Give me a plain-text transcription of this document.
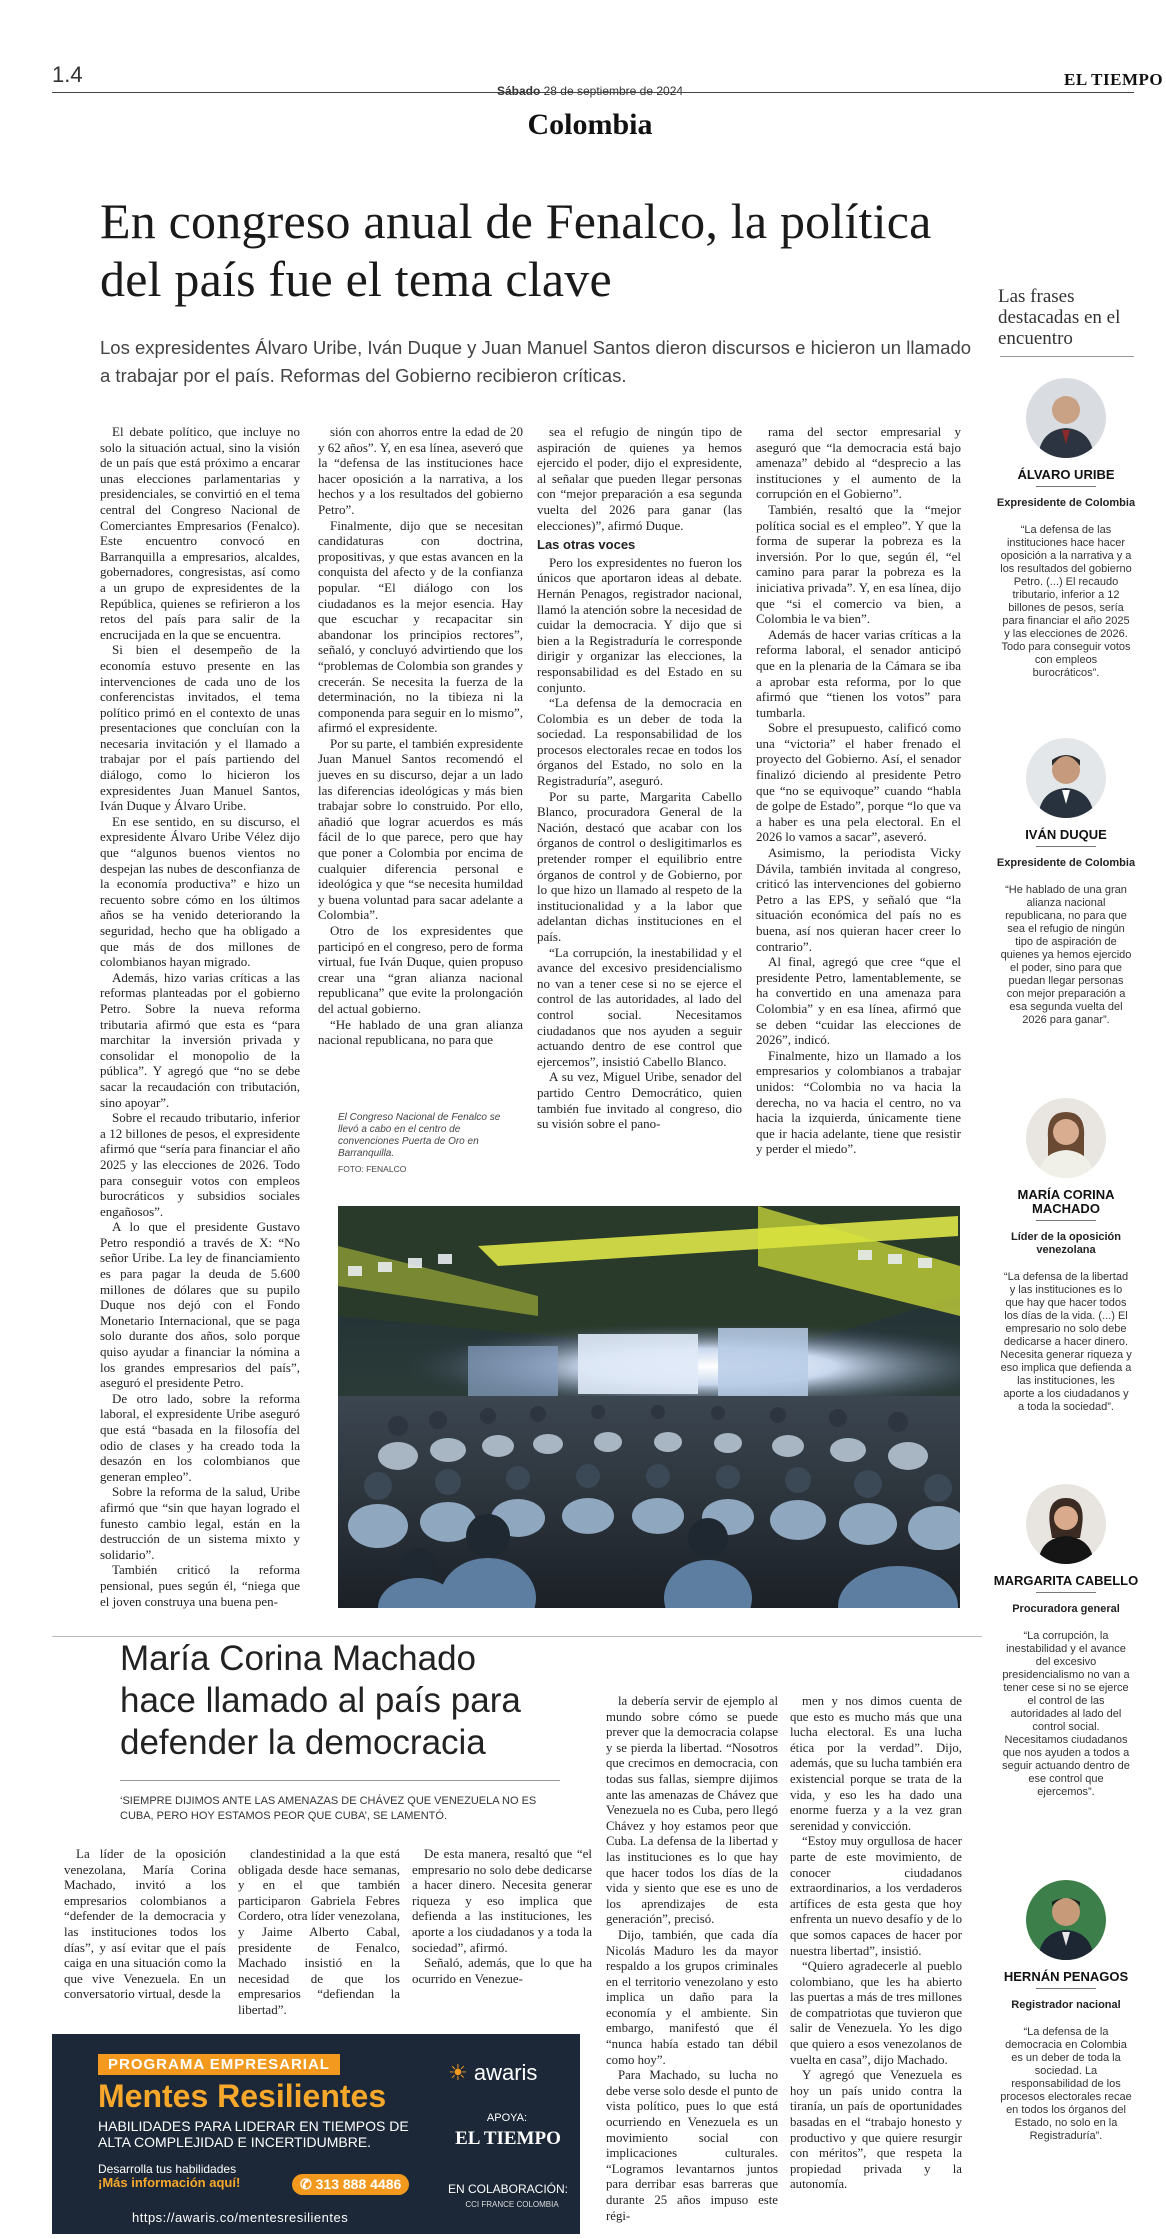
1.4
Sábado 28 de septiembre de 2024
EL TIEMPO
Colombia
En congreso anual de Fenalco, la política del país fue el tema clave
Los expresidentes Álvaro Uribe, Iván Duque y Juan Manuel Santos dieron discursos e hicieron un llamado a trabajar por el país. Reformas del Gobierno recibieron críticas.

El debate político, que incluye no solo la situación actual, sino la visión de un país que está próximo a encarar unas elecciones parlamentarias y presidenciales, se convirtió en el tema central del Congreso Nacional de Comerciantes Empresarios (Fenalco). Este encuentro convocó en Barranquilla a empresarios, alcaldes, gobernadores, congresistas, así como a un grupo de expresidentes de la República, quienes se refirieron a los retos del país para salir de la encrucijada en la que se encuentra.

Si bien el desempeño de la economía estuvo presente en las intervenciones de cada uno de los conferencistas invitados, el tema político primó en el contexto de unas presentaciones que concluían con la necesaria invitación y el llamado a trabajar por el país partiendo del diálogo, como lo hicieron los expresidentes Juan Manuel Santos, Iván Duque y Álvaro Uribe.

En ese sentido, en su discurso, el expresidente Álvaro Uribe Vélez dijo que “algunos buenos vientos no despejan las nubes de desconfianza de la economía productiva” e hizo un recuento sobre cómo en los últimos años se ha venido deteriorando la seguridad, hecho que ha obligado a que más de dos millones de colombianos hayan migrado.

Además, hizo varias críticas a las reformas planteadas por el gobierno Petro. Sobre la nueva reforma tributaria afirmó que esta es “para marchitar la inversión privada y consolidar el monopolio de la pública”. Y agregó que “no se debe sacar la recaudación con tributación, sino apoyar”.

Sobre el recaudo tributario, inferior a 12 billones de pesos, el expresidente afirmó que “sería para financiar el año 2025 y las elecciones de 2026. Todo para conseguir votos con empleos burocráticos y subsidios sociales engañosos”.

A lo que el presidente Gustavo Petro respondió a través de X: “No señor Uribe. La ley de financiamiento es para pagar la deuda de 5.600 millones de dólares que su pupilo Duque nos dejó con el Fondo Monetario Internacional, que se paga solo durante dos años, solo porque quiso ayudar a financiar la nómina a los grandes empresarios del país”, aseguró el presidente Petro.

De otro lado, sobre la reforma laboral, el expresidente Uribe aseguró que está “basada en la filosofía del odio de clases y ha creado toda la desazón en los colombianos que generan empleo”.

Sobre la reforma de la salud, Uribe afirmó que “sin que hayan logrado el funesto cambio legal, están en la destrucción de un sistema mixto y solidario”.

También criticó la reforma pensional, pues según él, “niega que el joven construya una buena pen-

sión con ahorros entre la edad de 20 y 62 años”. Y, en esa línea, aseveró que la “defensa de las instituciones hace hacer oposición a la narrativa, a los hechos y a los resultados del gobierno Petro”.

Finalmente, dijo que se necesitan candidaturas con doctrina, propositivas, y que estas avancen en la conquista del afecto y de la confianza popular. “El diálogo con los ciudadanos es la mejor esencia. Hay que escuchar y recapacitar sin abandonar los principios rectores”, señaló, y concluyó advirtiendo que los “problemas de Colombia son grandes y crecerán. Se necesita la fuerza de la determinación, no la tibieza ni la componenda para seguir en lo mismo”, afirmó el expresidente.

Por su parte, el también expresidente Juan Manuel Santos recomendó el jueves en su discurso, dejar a un lado las diferencias ideológicas y más bien trabajar sobre lo construido. Por ello, añadió que lograr acuerdos es más fácil de lo que parece, pero que hay que poner a Colombia por encima de cualquier diferencia personal e ideológica y que “se necesita humildad y buena voluntad para sacar adelante a Colombia”.

Otro de los expresidentes que participó en el congreso, pero de forma virtual, fue Iván Duque, quien propuso crear una “gran alianza nacional republicana” que evite la prolongación del actual gobierno.

“He hablado de una gran alianza nacional republicana, no para que

sea el refugio de ningún tipo de aspiración de quienes ya hemos ejercido el poder, dijo el expresidente, al señalar que pueden llegar personas con “mejor preparación a esa segunda vuelta del 2026 para ganar (las elecciones)”, afirmó Duque.

Las otras voces

Pero los expresidentes no fueron los únicos que aportaron ideas al debate. Hernán Penagos, registrador nacional, llamó la atención sobre la necesidad de cuidar la democracia. Y dijo que si bien a la Registraduría le corresponde dirigir y organizar las elecciones, la responsabilidad es del Estado en su conjunto.

“La defensa de la democracia en Colombia es un deber de toda la sociedad. La responsabilidad de los procesos electorales recae en todos los órganos del Estado, no solo en la Registraduría”, aseguró.

Por su parte, Margarita Cabello Blanco, procuradora General de la Nación, destacó que acabar con los órganos de control o desligitimarlos es pretender romper el equilibrio entre órganos de control y de Gobierno, por lo que hizo un llamado al respeto de la institucionalidad y a la labor que adelantan dichas instituciones en el país.

“La corrupción, la inestabilidad y el avance del excesivo presidencialismo no van a tener cese si no se ejerce el control de las autoridades, al lado del control social. Necesitamos ciudadanos que nos ayuden a seguir actuando dentro de ese control que ejercemos”, insistió Cabello Blanco.

A su vez, Miguel Uribe, senador del partido Centro Democrático, quien también fue invitado al congreso, dio su visión sobre el pano-

rama del sector empresarial y aseguró que “la democracia está bajo amenaza” debido al “desprecio a las instituciones y el aumento de la corrupción en el Gobierno”.

También, resaltó que la “mejor política social es el empleo”. Y que la forma de superar la pobreza es la inversión. Por lo que, según él, “el camino para parar la pobreza es la iniciativa privada”. Y, en esa línea, dijo que “si el comercio va bien, a Colombia le va bien”.

Además de hacer varias críticas a la reforma laboral, el senador anticipó que en la plenaria de la Cámara se iba a aprobar esta reforma, por lo que afirmó que “tienen los votos” para tumbarla.

Sobre el presupuesto, calificó como una “victoria” el haber frenado el proyecto del Gobierno. Así, el senador finalizó diciendo al presidente Petro que “no se equivoque” cuando “habla de golpe de Estado”, porque “lo que va a haber es una pela electoral. En el 2026 lo vamos a sacar”, aseveró.

Asimismo, la periodista Vicky Dávila, también invitada al congreso, criticó las intervenciones del gobierno Petro a las EPS, y señaló que “la situación económica del país no es buena, así nos quieran hacer creer lo contrario”.

Al final, agregó que cree “que el presidente Petro, lamentablemente, se ha convertido en una amenaza para Colombia” y en esa línea, afirmó que se deben “cuidar las elecciones de 2026”, indicó.

Finalmente, hizo un llamado a los empresarios y colombianos a trabajar unidos: “Colombia no va hacia la derecha, no va hacia el centro, no va hacia la izquierda, únicamente tiene que ir hacia adelante, tiene que resistir y perder el miedo”.

El Congreso Nacional de Fenalco se llevó a cabo en el centro de convenciones Puerta de Oro en Barranquilla.
FOTO: FENALCO
Las frases destacadas en el encuentro
ÁLVARO URIBE
Expresidente de Colombia
“La defensa de las instituciones hace hacer oposición a la narrativa y a los resultados del gobierno Petro. (...) El recaudo tributario, inferior a 12 billones de pesos, sería para financiar el año 2025 y las elecciones de 2026. Todo para conseguir votos con empleos burocráticos”.
IVÁN DUQUE
Expresidente de Colombia
“He hablado de una gran alianza nacional republicana, no para que sea el refugio de ningún tipo de aspiración de quienes ya hemos ejercido el poder, sino para que puedan llegar personas con mejor preparación a esa segunda vuelta del 2026 para ganar”.
MARÍA CORINA MACHADO
Líder de la oposición venezolana
“La defensa de la libertad y las instituciones es lo que hay que hacer todos los días de la vida. (...) El empresario no solo debe dedicarse a hacer dinero. Necesita generar riqueza y eso implica que defienda a las instituciones, les aporte a los ciudadanos y a toda la sociedad”.
MARGARITA CABELLO
Procuradora general
“La corrupción, la inestabilidad y el avance del excesivo presidencialismo no van a tener cese si no se ejerce el control de las autoridades al lado del control social. Necesitamos ciudadanos que nos ayuden a todos a seguir actuando dentro de ese control que ejercemos”.
HERNÁN PENAGOS
Registrador nacional
“La defensa de la democracia en Colombia es un deber de toda la sociedad. La responsabilidad de los procesos electorales recae en todos los órganos del Estado, no solo en la Registraduría”.
María Corina Machado hace llamado al país para defender la democracia
‘SIEMPRE DIJIMOS ANTE LAS AMENAZAS DE CHÁVEZ QUE VENEZUELA NO ES CUBA, PERO HOY ESTAMOS PEOR QUE CUBA’, SE LAMENTÓ.

La líder de la oposición venezolana, María Corina Machado, invitó a los empresarios colombianos a “defender de la democracia y las instituciones todos los días”, y así evitar que el país caiga en una situación como la que vive Venezuela. En un conversatorio virtual, desde la

clandestinidad a la que está obligada desde hace semanas, y en el que también participaron Gabriela Febres Cordero, otra líder venezolana, y Jaime Alberto Cabal, presidente de Fenalco, Machado insistió en la necesidad de que los empresarios “defiendan la libertad”.

De esta manera, resaltó que “el empresario no solo debe dedicarse a hacer dinero. Necesita generar riqueza y eso implica que defienda a las instituciones, les aporte a los ciudadanos y a toda la sociedad”, afirmó.

Señaló, además, que lo que ha ocurrido en Venezue-

la debería servir de ejemplo al mundo sobre cómo se puede prever que la democracia colapse y se pierda la libertad. “Nosotros que crecimos en democracia, con todas sus fallas, siempre dijimos ante las amenazas de Chávez que Venezuela no es Cuba, pero llegó Chávez y hoy estamos peor que Cuba. La defensa de la libertad y las instituciones es lo que hay que hacer todos los días de la vida y siento que ese es uno de los aprendizajes de esta generación”, precisó.

Dijo, también, que cada día Nicolás Maduro les da mayor respaldo a los grupos criminales en el territorio venezolano y esto implica un daño para la economía y el ambiente. Sin embargo, manifestó que él “nunca había estado tan débil como hoy”.

Para Machado, su lucha no debe verse solo desde el punto de vista político, pues lo que está ocurriendo en Venezuela es un movimiento social con implicaciones culturales. “Logramos levantarnos juntos para derribar esas barreras que durante 25 años impuso este régi-

men y nos dimos cuenta de que esto es mucho más que una lucha electoral. Es una lucha ética por la verdad”. Dijo, además, que su lucha también era existencial porque se trata de la vida, y eso les ha dado una enorme fuerza y a la vez gran serenidad y convicción.

“Estoy muy orgullosa de hacer parte de este movimiento, de conocer ciudadanos extraordinarios, a los verdaderos artífices de esta gesta que hoy enfrenta un nuevo desafío y de lo que somos capaces de hacer por nuestra libertad”, insistió.

“Quiero agradecerle al pueblo colombiano, que les ha abierto las puertas a más de tres millones de compatriotas que tuvieron que salir de Venezuela. Yo les digo que quiero a esos venezolanos de vuelta en casa”, dijo Machado.

Y agregó que Venezuela es hoy un país unido contra la tiranía, un país de oportunidades basadas en el “trabajo honesto y productivo y que quiere resurgir con méritos”, que respeta la propiedad privada y la autonomía.

PROGRAMA EMPRESARIAL
Mentes Resilientes
HABILIDADES PARA LIDERAR EN TIEMPOS DE ALTA COMPLEJIDAD E INCERTIDUMBRE.
Desarrolla tus habilidades
¡Más información aquí!	✆ 313 888 4486
https://awaris.co/mentesresilientes
☀ awaris
APOYA:
EL TIEMPO
EN COLABORACIÓN:
CCI FRANCE COLOMBIA
